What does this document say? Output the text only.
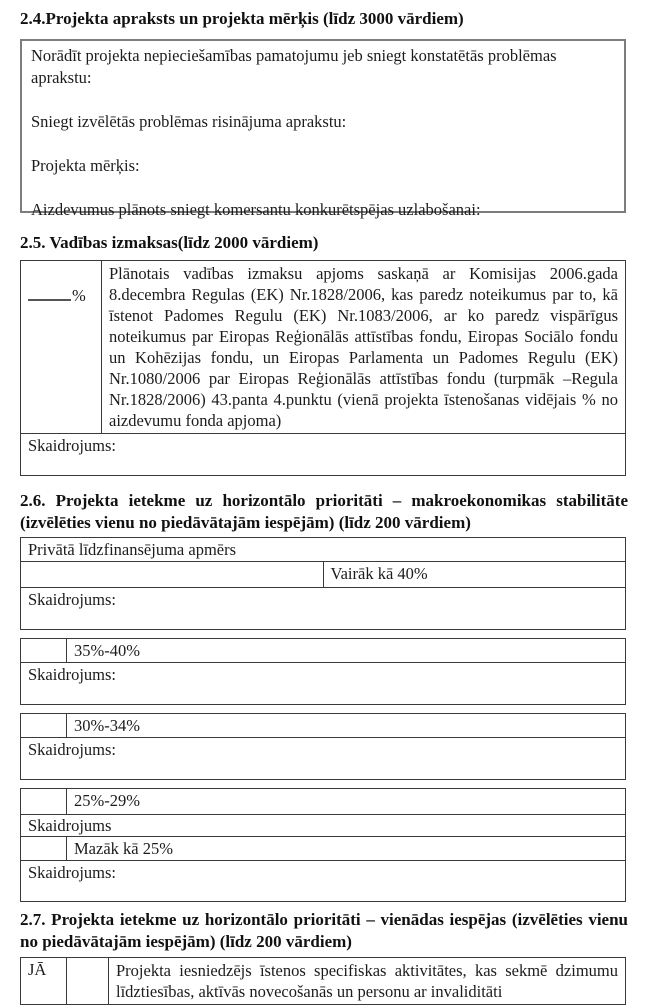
2.4.Projekta apraksts un projekta mērķis (līdz 3000 vārdiem)

Norādīt projekta nepieciešamības pamatojumu jeb sniegt konstatētās problēmas aprakstu:

Sniegt izvēlētās problēmas risinājuma aprakstu:

Projekta mērķis:

Aizdevumus plānots sniegt komersantu konkurētspējas uzlabošanai:

2.5. Vadības izmaksas(līdz 2000 vārdiem)
%	Plānotais vadības izmaksu apjoms saskaņā ar Komisijas 2006.gada 8.decembra Regulas (EK) Nr.1828/2006, kas paredz noteikumus par to, kā īstenot Padomes Regulu (EK) Nr.1083/2006, ar ko paredz vispārīgus noteikumus par Eiropas Reģionālās attīstības fondu, Eiropas Sociālo fondu un Kohēzijas fondu, un Eiropas Parlamenta un Padomes Regulu (EK) Nr.1080/2006 par Eiropas Reģionālās attīstības fondu (turpmāk –Regula Nr.1828/2006) 43.panta 4.punktu (vienā projekta īstenošanas vidējais % no aizdevumu fonda apjoma)
Skaidrojums:
2.6. Projekta ietekme uz horizontālo prioritāti – makroekonomikas stabilitāte (izvēlēties vienu no piedāvātajām iespējām) (līdz 200 vārdiem)
Privātā līdzfinansējuma apmērs
	Vairāk kā 40%
Skaidrojums:
	35%-40%
Skaidrojums:
	30%-34%
Skaidrojums:
	25%-29%
Skaidrojums	
	Mazāk kā 25%
Skaidrojums:	
2.7. Projekta ietekme uz horizontālo prioritāti – vienādas iespējas (izvēlēties vienu no piedāvātajām iespējām) (līdz 200 vārdiem)
JĀ		Projekta iesniedzējs īstenos specifiskas aktivitātes, kas sekmē dzimumu līdztiesības, aktīvās novecošanās un personu ar invaliditāti
